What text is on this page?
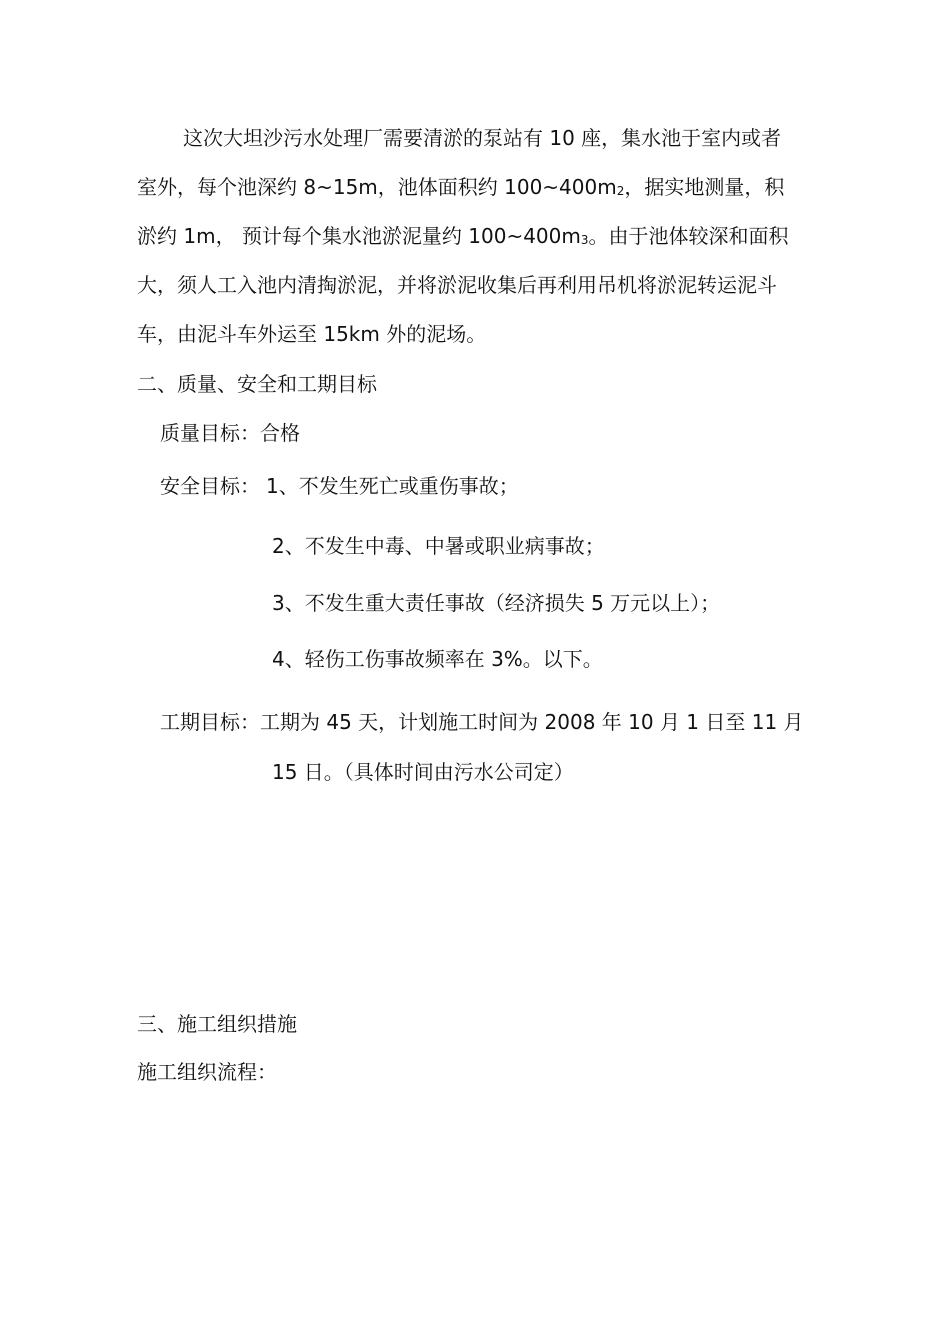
这次大坦沙污水处理厂需要清淤的泵站有 10 座，集水池于室内或者
室外，每个池深约 8~15m，池体面积约 $100\sim 400m_2$，据实地测量，积
淤约 1m， 预计每个集水池淤泥量约 $100\sim 400m_3$。由于池体较深和面积
大，须人工入池内清掏淤泥，并将淤泥收集后再利用吊机将淤泥转运泥斗
车，由泥斗车外运至 15km 外的泥场。
二、质量、安全和工期目标
质量目标：合格
安全目标： 1、不发生死亡或重伤事故；
2、不发生中毒、中暑或职业病事故；
3、不发生重大责任事故（经济损失 5 万元以上）；
4、轻伤工伤事故频率在 3%。以下。
工期目标：工期为 45 天，计划施工时间为 2008 年 10 月 1 日至 11 月
15 日。（具体时间由污水公司定）
三、施工组织措施
施工组织流程：
